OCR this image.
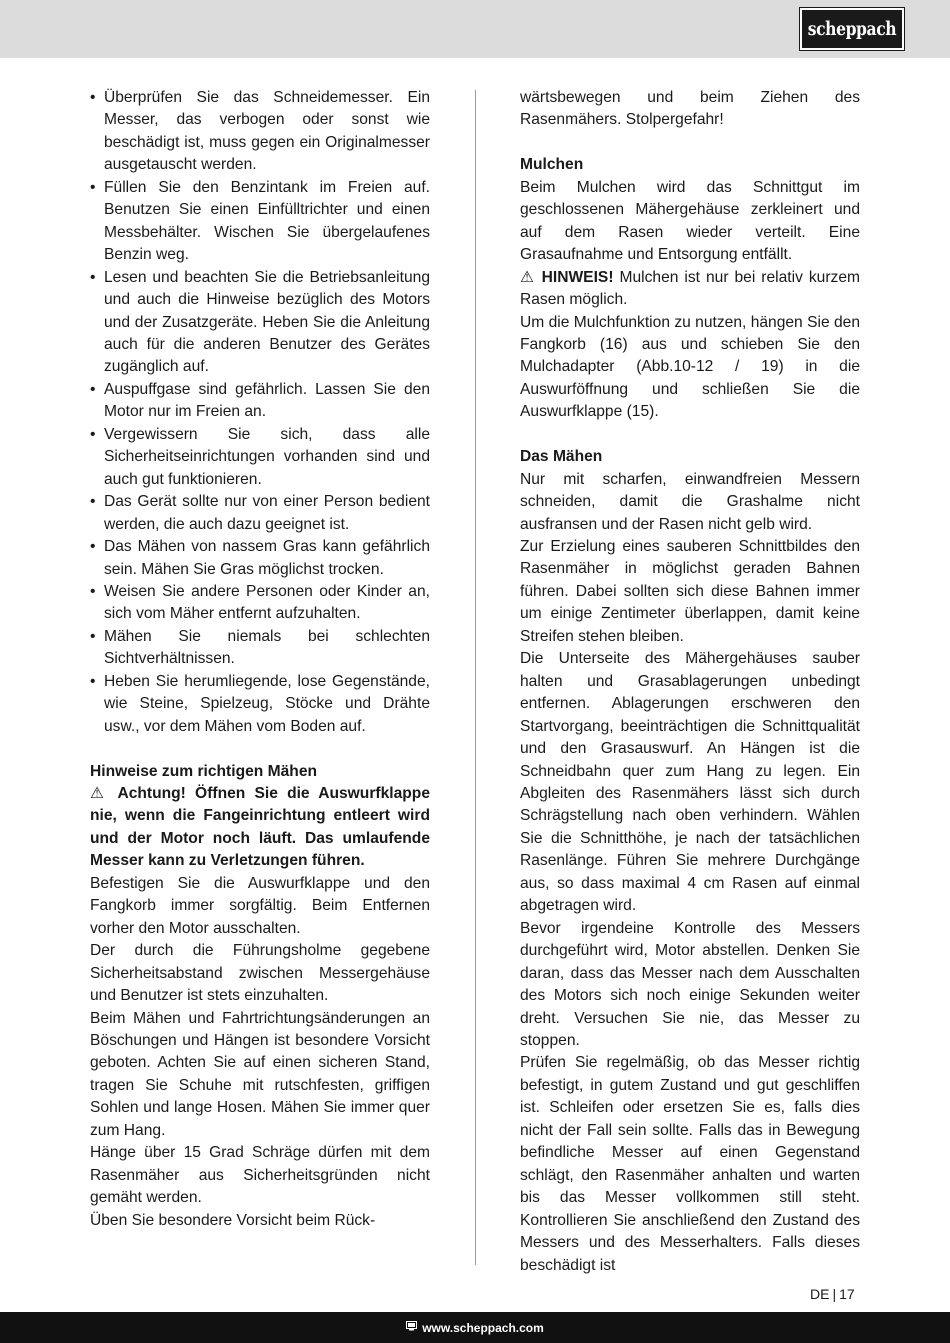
scheppach
• Überprüfen Sie das Schneidemesser. Ein Messer, das verbogen oder sonst wie beschädigt ist, muss gegen ein Originalmesser ausgetauscht werden.
• Füllen Sie den Benzintank im Freien auf. Benutzen Sie einen Einfülltrichter und einen Messbehälter. Wischen Sie übergelaufenes Benzin weg.
• Lesen und beachten Sie die Betriebsanleitung und auch die Hinweise bezüglich des Motors und der Zusatzgeräte. Heben Sie die Anleitung auch für die anderen Benutzer des Gerätes zugänglich auf.
• Auspuffgase sind gefährlich. Lassen Sie den Motor nur im Freien an.
• Vergewissern Sie sich, dass alle Sicherheitseinrichtungen vorhanden sind und auch gut funktionieren.
• Das Gerät sollte nur von einer Person bedient werden, die auch dazu geeignet ist.
• Das Mähen von nassem Gras kann gefährlich sein. Mähen Sie Gras möglichst trocken.
• Weisen Sie andere Personen oder Kinder an, sich vom Mäher entfernt aufzuhalten.
• Mähen Sie niemals bei schlechten Sichtverhältnissen.
• Heben Sie herumliegende, lose Gegenstände, wie Steine, Spielzeug, Stöcke und Drähte usw., vor dem Mähen vom Boden auf.

Hinweise zum richtigen Mähen

⚠ Achtung! Öffnen Sie die Auswurfklappe nie, wenn die Fangeinrichtung entleert wird und der Motor noch läuft. Das umlaufende Messer kann zu Verletzungen führen.

Befestigen Sie die Auswurfklappe und den Fangkorb immer sorgfältig. Beim Entfernen vorher den Motor ausschalten.

Der durch die Führungsholme gegebene Sicherheitsabstand zwischen Messergehäuse und Benutzer ist stets einzuhalten.

Beim Mähen und Fahrtrichtungsänderungen an Böschungen und Hängen ist besondere Vorsicht geboten. Achten Sie auf einen sicheren Stand, tragen Sie Schuhe mit rutschfesten, griffigen Sohlen und lange Hosen. Mähen Sie immer quer zum Hang.

Hänge über 15 Grad Schräge dürfen mit dem Rasenmäher aus Sicherheitsgründen nicht gemäht werden.

Üben Sie besondere Vorsicht beim Rück-

wärtsbewegen und beim Ziehen des Rasenmähers. Stolpergefahr!

Mulchen

Beim Mulchen wird das Schnittgut im geschlossenen Mähergehäuse zerkleinert und auf dem Rasen wieder verteilt. Eine Grasaufnahme und Entsorgung entfällt.

⚠ HINWEIS! Mulchen ist nur bei relativ kurzem Rasen möglich.

Um die Mulchfunktion zu nutzen, hängen Sie den Fangkorb (16) aus und schieben Sie den Mulchadapter (Abb.10-12 / 19) in die Auswurföffnung und schließen Sie die Auswurfklappe (15).

Das Mähen

Nur mit scharfen, einwandfreien Messern schneiden, damit die Grashalme nicht ausfransen und der Rasen nicht gelb wird.

Zur Erzielung eines sauberen Schnittbildes den Rasenmäher in möglichst geraden Bahnen führen. Dabei sollten sich diese Bahnen immer um einige Zentimeter überlappen, damit keine Streifen stehen bleiben.

Die Unterseite des Mähergehäuses sauber halten und Grasablagerungen unbedingt entfernen. Ablagerungen erschweren den Startvorgang, beeinträchtigen die Schnittqualität und den Grasauswurf. An Hängen ist die Schneidbahn quer zum Hang zu legen. Ein Abgleiten des Rasenmähers lässt sich durch Schrägstellung nach oben verhindern. Wählen Sie die Schnitthöhe, je nach der tatsächlichen Rasenlänge. Führen Sie mehrere Durchgänge aus, so dass maximal 4 cm Rasen auf einmal abgetragen wird.

Bevor irgendeine Kontrolle des Messers durchgeführt wird, Motor abstellen. Denken Sie daran, dass das Messer nach dem Ausschalten des Motors sich noch einige Sekunden weiter dreht. Versuchen Sie nie, das Messer zu stoppen.

Prüfen Sie regelmäßig, ob das Messer richtig befestigt, in gutem Zustand und gut geschliffen ist. Schleifen oder ersetzen Sie es, falls dies nicht der Fall sein sollte. Falls das in Bewegung befindliche Messer auf einen Gegenstand schlägt, den Rasenmäher anhalten und warten bis das Messer vollkommen still steht. Kontrollieren Sie anschließend den Zustand des Messers und des Messerhalters. Falls dieses beschädigt ist

DE | 17
www.scheppach.com
